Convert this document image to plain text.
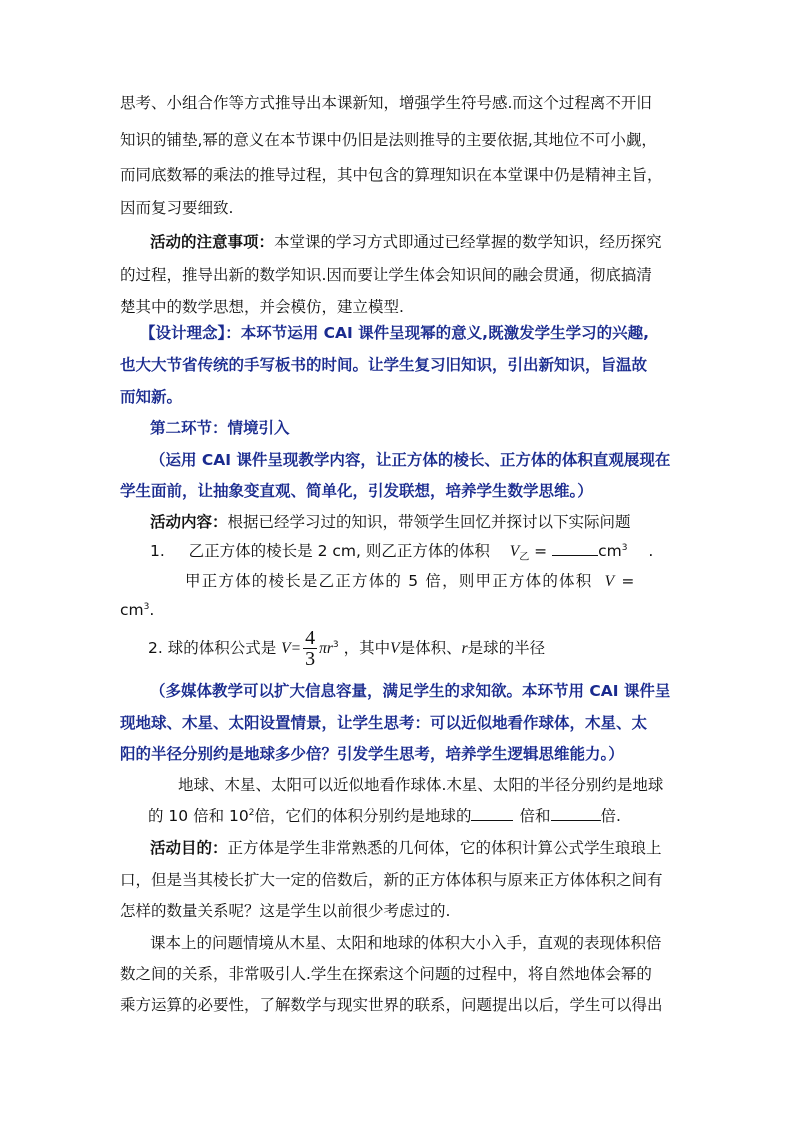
思考、小组合作等方式推导出本课新知，增强学生符号感.而这个过程离不开旧
知识的铺垫,幂的意义在本节课中仍旧是法则推导的主要依据,其地位不可小觑，
而同底数幂的乘法的推导过程，其中包含的算理知识在本堂课中仍是精神主旨，
因而复习要细致.
活动的注意事项：本堂课的学习方式即通过已经掌握的数学知识，经历探究
的过程，推导出新的数学知识.因而要让学生体会知识间的融会贯通，彻底搞清
楚其中的数学思想，并会模仿，建立模型.
【设计理念】：本环节运用 CAI 课件呈现幂的意义,既激发学生学习的兴趣,
也大大节省传统的手写板书的时间。让学生复习旧知识，引出新知识，旨温故
而知新。
第二环节：情境引入
（运用 CAI 课件呈现教学内容，让正方体的棱长、正方体的体积直观展现在
学生面前，让抽象变直观、简单化，引发联想，培养学生数学思维。）
活动内容：根据已经学习过的知识，带领学生回忆并探讨以下实际问题
1. 乙正方体的棱长是 2 cm, 则乙正方体的体积 $V_乙$ =	$cm^3$ .
甲正方体的棱长是乙正方体的 5 倍，则甲正方体的体积 V =
$cm^3$.
2. 球的体积公式是 $V= \frac{4}{3} \pi r^3$ ，其中V是体积、r是球的半径
（多媒体教学可以扩大信息容量，满足学生的求知欲。本环节用 CAI 课件呈
现地球、木星、太阳设置情景，让学生思考：可以近似地看作球体，木星、太
阳的半径分别约是地球多少倍？引发学生思考，培养学生逻辑思维能力。）
地球、木星、太阳可以近似地看作球体.木星、太阳的半径分别约是地球
的 10 倍和 $10^2$倍，它们的体积分别约是地球的	倍和	倍.
活动目的：正方体是学生非常熟悉的几何体，它的体积计算公式学生琅琅上
口，但是当其棱长扩大一定的倍数后，新的正方体体积与原来正方体体积之间有
怎样的数量关系呢？这是学生以前很少考虑过的.
课本上的问题情境从木星、太阳和地球的体积大小入手，直观的表现体积倍
数之间的关系，非常吸引人.学生在探索这个问题的过程中，将自然地体会幂的
乘方运算的必要性，了解数学与现实世界的联系，问题提出以后，学生可以得出
